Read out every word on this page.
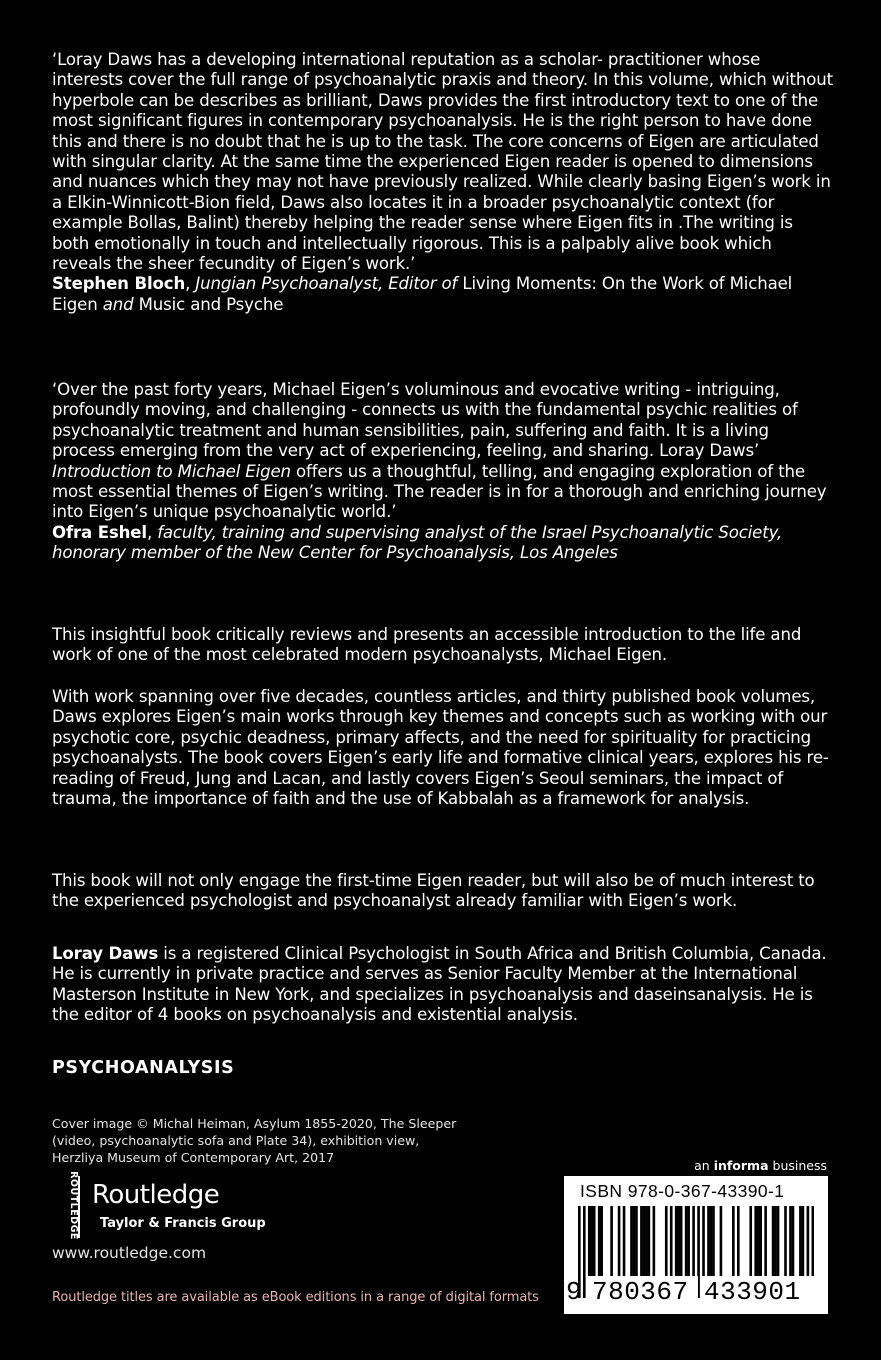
‘Loray Daws has a developing international reputation as a scholar- practitioner whose interests cover the full range of psychoanalytic praxis and theory. In this volume, which without hyperbole can be describes as brilliant, Daws provides the first introductory text to one of the most significant figures in contemporary psychoanalysis. He is the right person to have done this and there is no doubt that he is up to the task. The core concerns of Eigen are articulated with singular clarity. At the same time the experienced Eigen reader is opened to dimensions and nuances which they may not have previously realized. While clearly basing Eigen’s work in a Elkin-Winnicott-Bion field, Daws also locates it in a broader psychoanalytic context (for example Bollas, Balint) thereby helping the reader sense where Eigen fits in .The writing is both emotionally in touch and intellectually rigorous. This is a palpably alive book which reveals the sheer fecundity of Eigen’s work.’
Stephen Bloch, Jungian Psychoanalyst, Editor of Living Moments: On the Work of Michael Eigen and Music and Psyche

‘Over the past forty years, Michael Eigen’s voluminous and evocative writing - intriguing, profoundly moving, and challenging - connects us with the fundamental psychic realities of psychoanalytic treatment and human sensibilities, pain, suffering and faith. It is a living process emerging from the very act of experiencing, feeling, and sharing. Loray Daws’
Introduction to Michael Eigen offers us a thoughtful, telling, and engaging exploration of the most essential themes of Eigen’s writing. The reader is in for a thorough and enriching journey into Eigen’s unique psychoanalytic world.’
Ofra Eshel, faculty, training and supervising analyst of the Israel Psychoanalytic Society, honorary member of the New Center for Psychoanalysis, Los Angeles

This insightful book critically reviews and presents an accessible introduction to the life and work of one of the most celebrated modern psychoanalysts, Michael Eigen.

With work spanning over five decades, countless articles, and thirty published book volumes, Daws explores Eigen’s main works through key themes and concepts such as working with our psychotic core, psychic deadness, primary affects, and the need for spirituality for practicing psychoanalysts. The book covers Eigen’s early life and formative clinical years, explores his re-reading of Freud, Jung and Lacan, and lastly covers Eigen’s Seoul seminars, the impact of trauma, the importance of faith and the use of Kabbalah as a framework for analysis.

This book will not only engage the first-time Eigen reader, but will also be of much interest to the experienced psychologist and psychoanalyst already familiar with Eigen’s work.

Loray Daws is a registered Clinical Psychologist in South Africa and British Columbia, Canada. He is currently in private practice and serves as Senior Faculty Member at the International Masterson Institute in New York, and specializes in psychoanalysis and daseinsanalysis. He is the editor of 4 books on psychoanalysis and existential analysis.

PSYCHOANALYSIS

Cover image © Michal Heiman, Asylum 1855-2020, The Sleeper (video, psychoanalytic sofa and Plate 34), exhibition view, Herzliya Museum of Contemporary Art, 2017

ROUTLEDGE Routledge
Taylor & Francis Group
www.routledge.com
Routledge titles are available as eBook editions in a range of digital formats
an informa business
ISBN 978-0-367-43390-1
9 780367 433901
